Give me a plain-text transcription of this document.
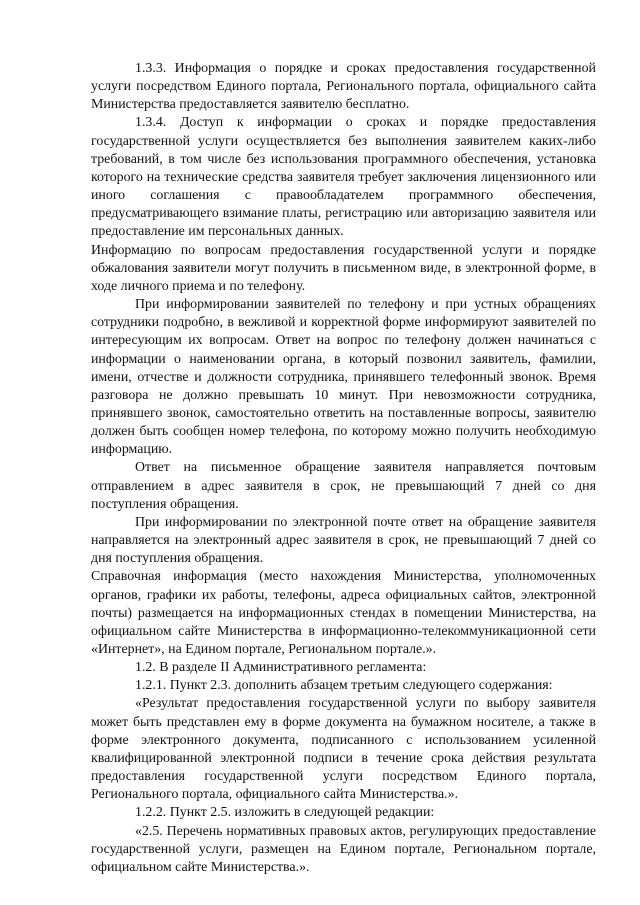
1.3.3. Информация о порядке и сроках предоставления государственной услуги посредством Единого портала, Регионального портала, официального сайта Министерства предоставляется заявителю бесплатно.

1.3.4. Доступ к информации о сроках и порядке предоставления государственной услуги осуществляется без выполнения заявителем каких-либо требований, в том числе без использования программного обеспечения, установка которого на технические средства заявителя требует заключения лицензионного или иного соглашения с правообладателем программного обеспечения, предусматривающего взимание платы, регистрацию или авторизацию заявителя или предоставление им персональных данных.

Информацию по вопросам предоставления государственной услуги и порядке обжалования заявители могут получить в письменном виде, в электронной форме, в ходе личного приема и по телефону.

При информировании заявителей по телефону и при устных обращениях сотрудники подробно, в вежливой и корректной форме информируют заявителей по интересующим их вопросам. Ответ на вопрос по телефону должен начинаться с информации о наименовании органа, в который позвонил заявитель, фамилии, имени, отчестве и должности сотрудника, принявшего телефонный звонок. Время разговора не должно превышать 10 минут. При невозможности сотрудника, принявшего звонок, самостоятельно ответить на поставленные вопросы, заявителю должен быть сообщен номер телефона, по которому можно получить необходимую информацию.

Ответ на письменное обращение заявителя направляется почтовым отправлением в адрес заявителя в срок, не превышающий 7 дней со дня поступления обращения.

При информировании по электронной почте ответ на обращение заявителя направляется на электронный адрес заявителя в срок, не превышающий 7 дней со дня поступления обращения.

Справочная информация (место нахождения Министерства, уполномоченных органов, графики их работы, телефоны, адреса официальных сайтов, электронной почты) размещается на информационных стендах в помещении Министерства, на официальном сайте Министерства в информационно-телекоммуникационной сети «Интернет», на Едином портале, Региональном портале.».

1.2. В разделе II Административного регламента:

1.2.1. Пункт 2.3. дополнить абзацем третьим следующего содержания:

«Результат предоставления государственной услуги по выбору заявителя может быть представлен ему в форме документа на бумажном носителе, а также в форме электронного документа, подписанного с использованием усиленной квалифицированной электронной подписи в течение срока действия результата предоставления государственной услуги посредством Единого портала, Регионального портала, официального сайта Министерства.».

1.2.2. Пункт 2.5. изложить в следующей редакции:

«2.5. Перечень нормативных правовых актов, регулирующих предоставление государственной услуги, размещен на Едином портале, Региональном портале, официальном сайте Министерства.».
